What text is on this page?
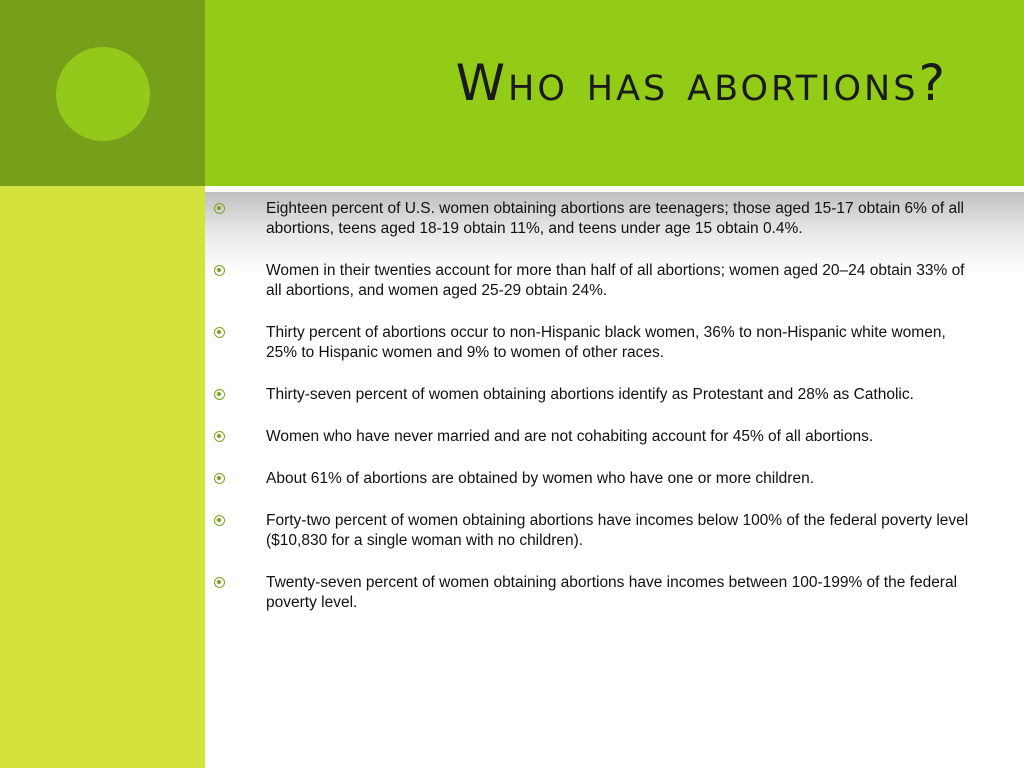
Who has abortions?
Eighteen percent of U.S. women obtaining abortions are teenagers; those aged 15-17 obtain 6% of all abortions, teens aged 18-19 obtain 11%, and teens under age 15 obtain 0.4%.
Women in their twenties account for more than half of all abortions; women aged 20–24 obtain 33% of all abortions, and women aged 25-29 obtain 24%.
Thirty percent of abortions occur to non-Hispanic black women, 36% to non-Hispanic white women, 25% to Hispanic women and 9% to women of other races.
Thirty-seven percent of women obtaining abortions identify as Protestant and 28% as Catholic.
Women who have never married and are not cohabiting account for 45% of all abortions.
About 61% of abortions are obtained by women who have one or more children.
Forty-two percent of women obtaining abortions have incomes below 100% of the federal poverty level ($10,830 for a single woman with no children).
Twenty-seven percent of women obtaining abortions have incomes between 100-199% of the federal poverty level.
